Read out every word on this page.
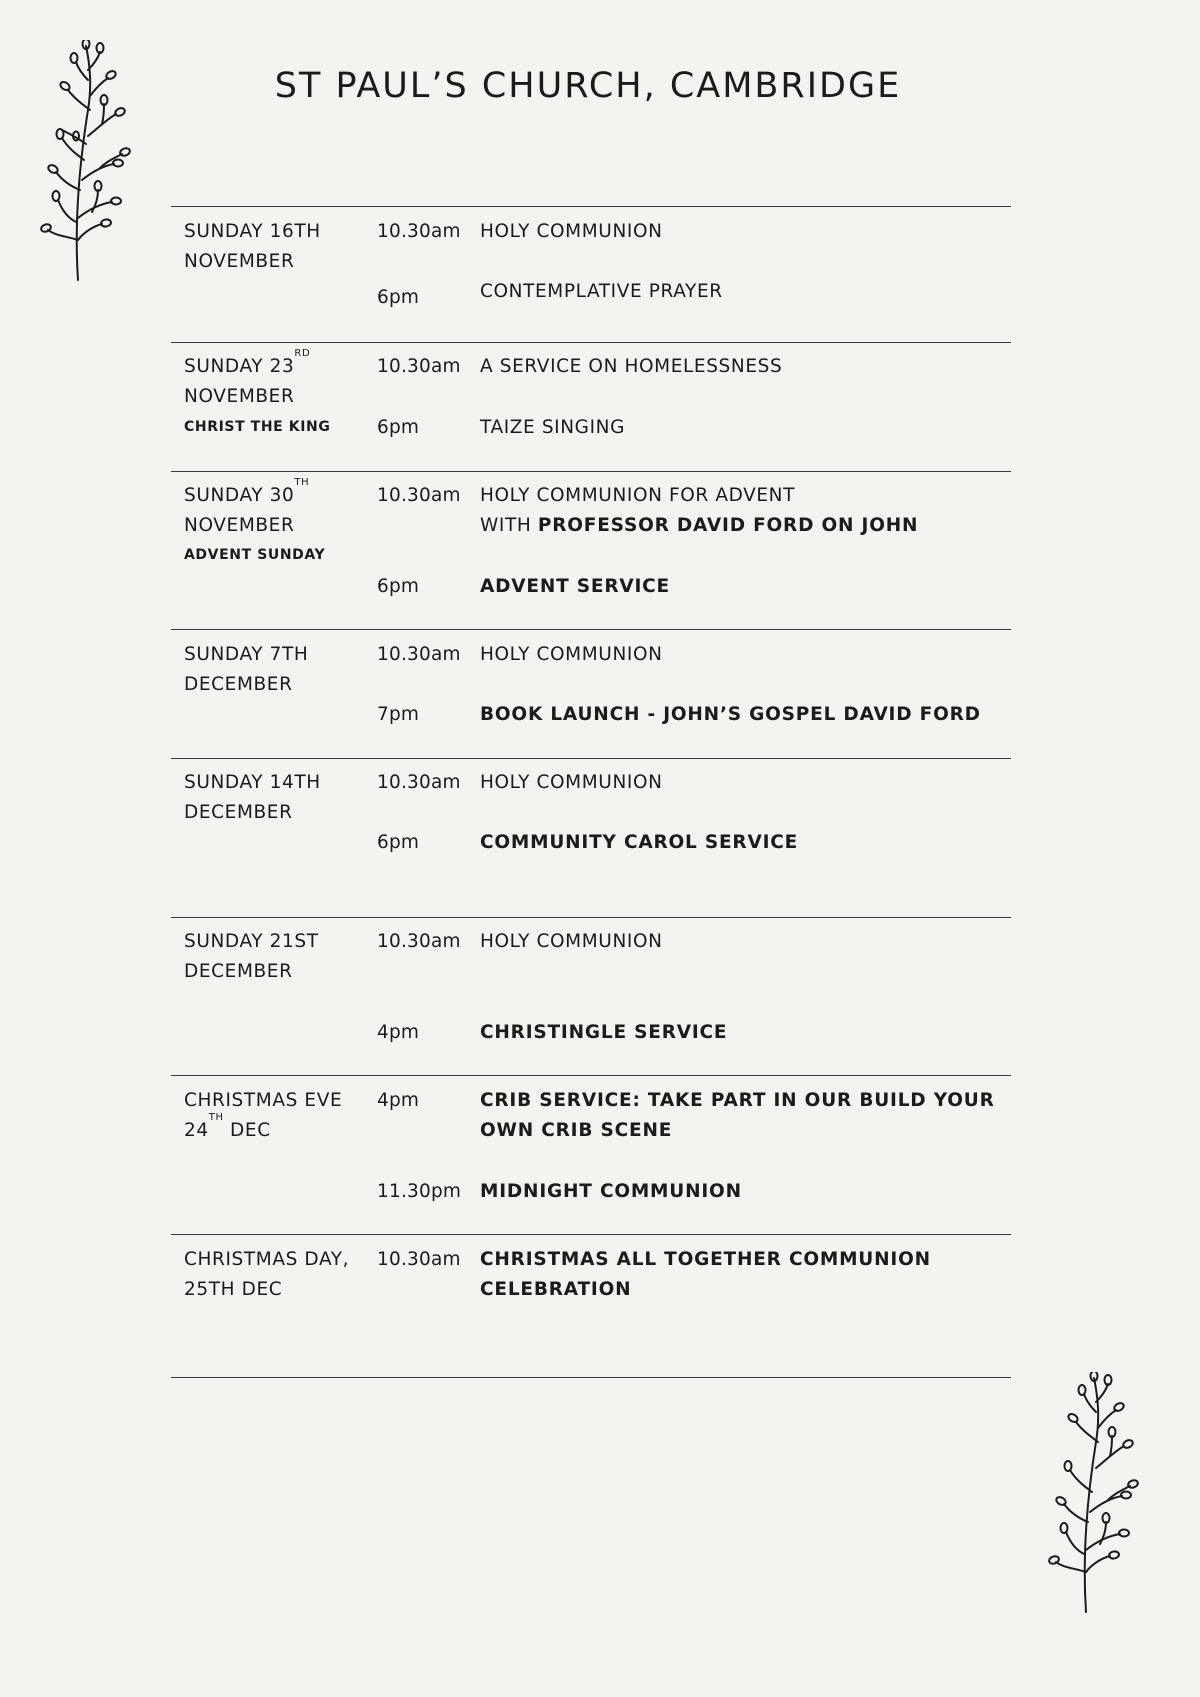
ST PAUL’S CHURCH, CAMBRIDGE
SUNDAY 16TH
NOVEMBER
10.30am HOLY COMMUNION
6pm	CONTEMPLATIVE PRAYER
SUNDAY 23RD
NOVEMBER
CHRIST THE KING
10.30am A SERVICE ON HOMELESSNESS
6pm	TAIZE SINGING
SUNDAY 30TH
NOVEMBER
ADVENT SUNDAY
10.30am HOLY COMMUNION FOR ADVENT
WITH PROFESSOR DAVID FORD ON JOHN
6pm	ADVENT SERVICE
SUNDAY 7TH
DECEMBER
10.30am HOLY COMMUNION
7pm	BOOK LAUNCH - JOHN’S GOSPEL DAVID FORD
SUNDAY 14TH
DECEMBER
10.30am HOLY COMMUNION
6pm	COMMUNITY CAROL SERVICE
SUNDAY 21ST
DECEMBER
10.30am HOLY COMMUNION
4pm	CHRISTINGLE SERVICE
CHRISTMAS EVE
24TH DEC
4pm	CRIB SERVICE: TAKE PART IN OUR BUILD YOUR
OWN CRIB SCENE
11.30pm MIDNIGHT COMMUNION
CHRISTMAS DAY,
25TH DEC
10.30am CHRISTMAS ALL TOGETHER COMMUNION
CELEBRATION
